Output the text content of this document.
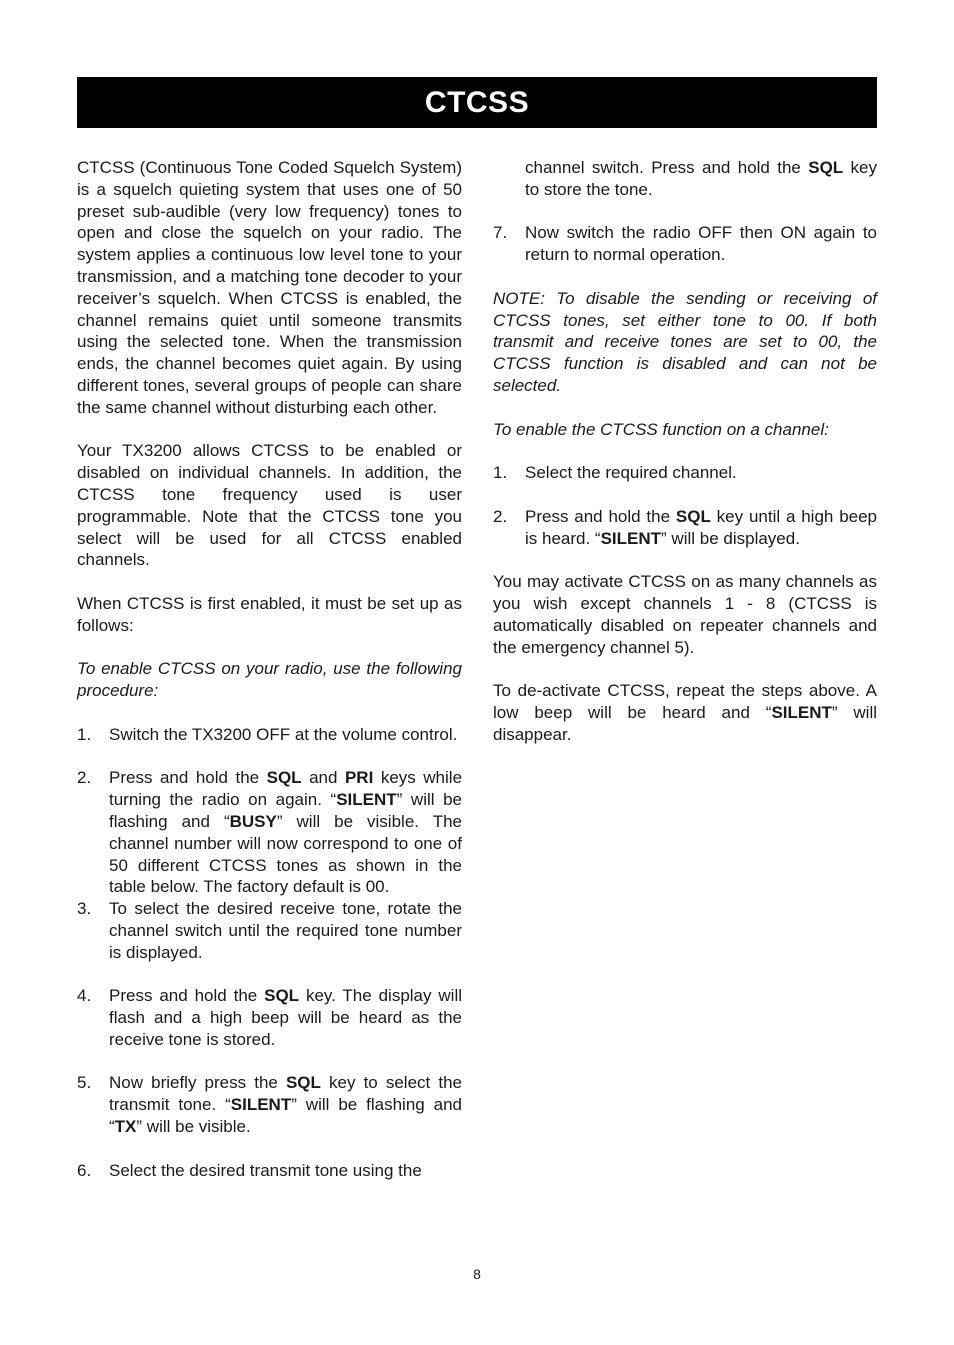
CTCSS

CTCSS (Continuous Tone Coded Squelch System) is a squelch quieting system that uses one of 50 preset sub-audible (very low frequency) tones to open and close the squelch on your radio. The system applies a continuous low level tone to your transmission, and a matching tone decoder to your receiver’s squelch. When CTCSS is enabled, the channel remains quiet until someone transmits using the selected tone. When the transmission ends, the channel becomes quiet again. By using different tones, several groups of people can share the same channel without disturbing each other.

Your TX3200 allows CTCSS to be enabled or disabled on individual channels. In addition, the CTCSS tone frequency used is user programmable. Note that the CTCSS tone you select will be used for all CTCSS enabled channels.

When CTCSS is first enabled, it must be set up as follows:

To enable CTCSS on your radio, use the following procedure:

1. Switch the TX3200 OFF at the volume control.
2. Press and hold the SQL and PRI keys while turning the radio on again. “SILENT” will be flashing and “BUSY” will be visible. The channel number will now correspond to one of 50 different CTCSS tones as shown in the table below. The factory default is 00.
3. To select the desired receive tone, rotate the channel switch until the required tone number is displayed.
4. Press and hold the SQL key. The display will flash and a high beep will be heard as the receive tone is stored.
5. Now briefly press the SQL key to select the transmit tone. “SILENT” will be flashing and “TX” will be visible.
6. Select the desired transmit tone using the
channel switch. Press and hold the SQL key to store the tone.
7. Now switch the radio OFF then ON again to return to normal operation.

NOTE: To disable the sending or receiving of CTCSS tones, set either tone to 00. If both transmit and receive tones are set to 00, the CTCSS function is disabled and can not be selected.

To enable the CTCSS function on a channel:

1. Select the required channel.
2. Press and hold the SQL key until a high beep is heard. “SILENT” will be displayed.

You may activate CTCSS on as many channels as you wish except channels 1 - 8 (CTCSS is automatically disabled on repeater channels and the emergency channel 5).

To de-activate CTCSS, repeat the steps above. A low beep will be heard and “SILENT” will disappear.

8
